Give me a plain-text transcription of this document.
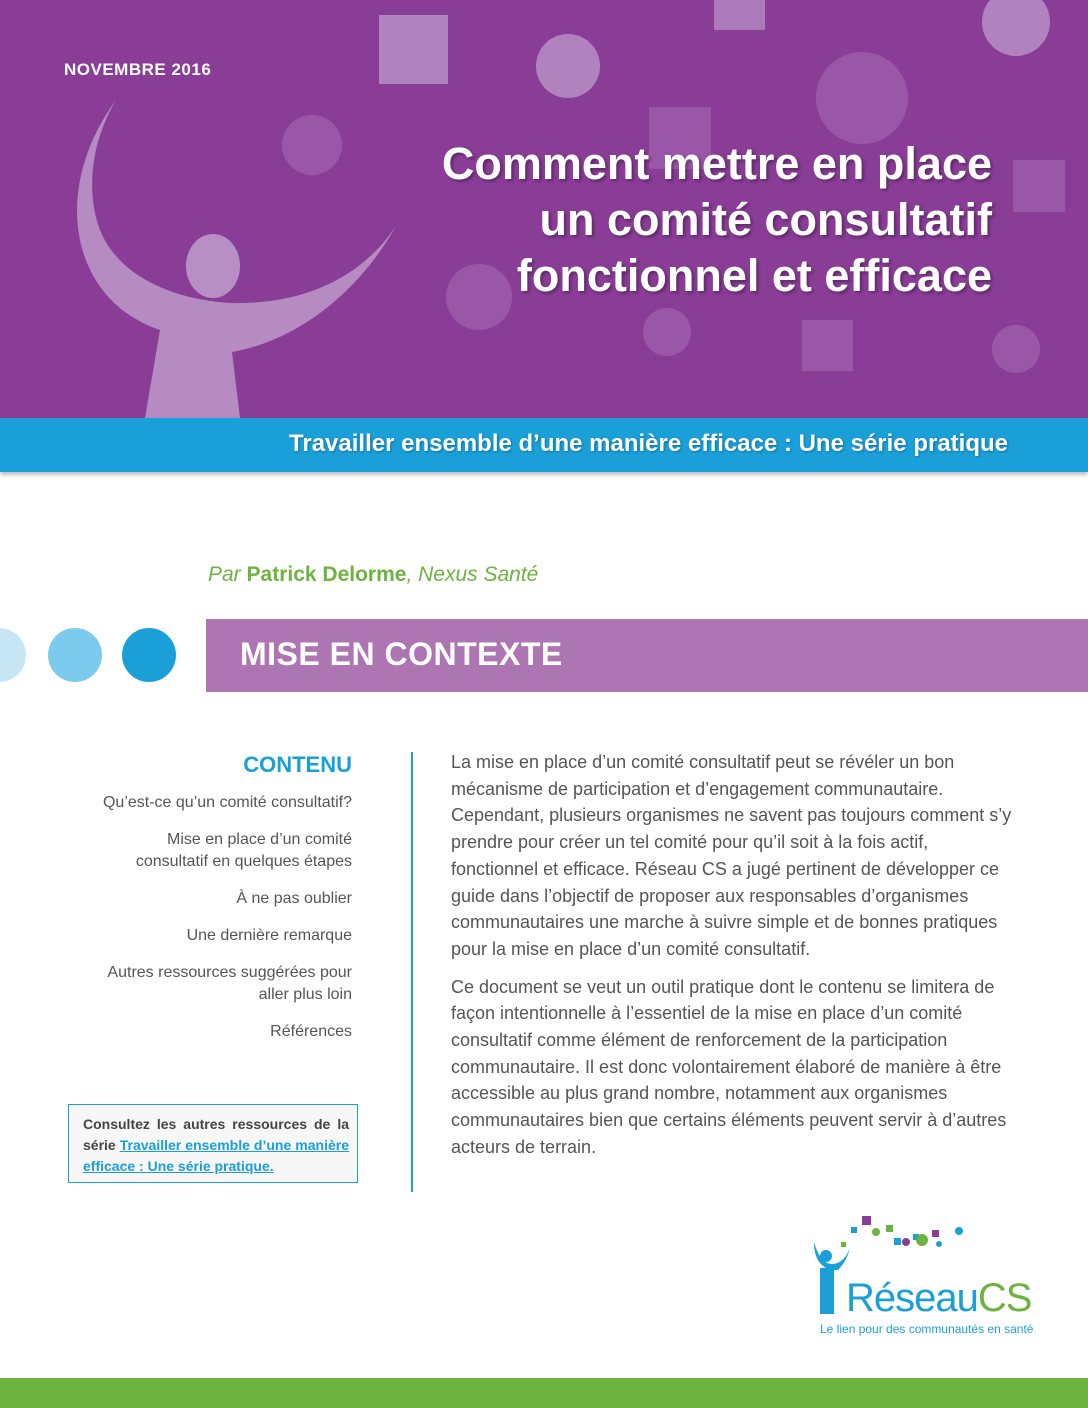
NOVEMBRE 2016
Comment mettre en place
un comité consultatif
fonctionnel et efficace
Travailler ensemble d’une manière efficace : Une série pratique
Par Patrick Delorme, Nexus Santé
MISE EN CONTEXTE
CONTENU
Qu’est-ce qu’un comité consultatif?
Mise en place d’un comité consultatif en quelques étapes
À ne pas oublier
Une dernière remarque
Autres ressources suggérées pour aller plus loin
Références
Consultez les autres ressources de la série Travailler ensemble d’une manière efficace : Une série pratique.

La mise en place d’un comité consultatif peut se révéler un bon mécanisme de participation et d’engagement communautaire. Cependant, plusieurs organismes ne savent pas toujours comment s’y prendre pour créer un tel comité pour qu’il soit à la fois actif, fonctionnel et efficace. Réseau CS a jugé pertinent de développer ce guide dans l’objectif de proposer aux responsables d’organismes communautaires une marche à suivre simple et de bonnes pratiques pour la mise en place d’un comité consultatif.

Ce document se veut un outil pratique dont le contenu se limitera de façon intentionnelle à l’essentiel de la mise en place d’un comité consultatif comme élément de renforcement de la participation communautaire. Il est donc volontairement élaboré de manière à être accessible au plus grand nombre, notamment aux organismes communautaires bien que certains éléments peuvent servir à d’autres acteurs de terrain.

RéseauCS
Le lien pour des communautés en santé
